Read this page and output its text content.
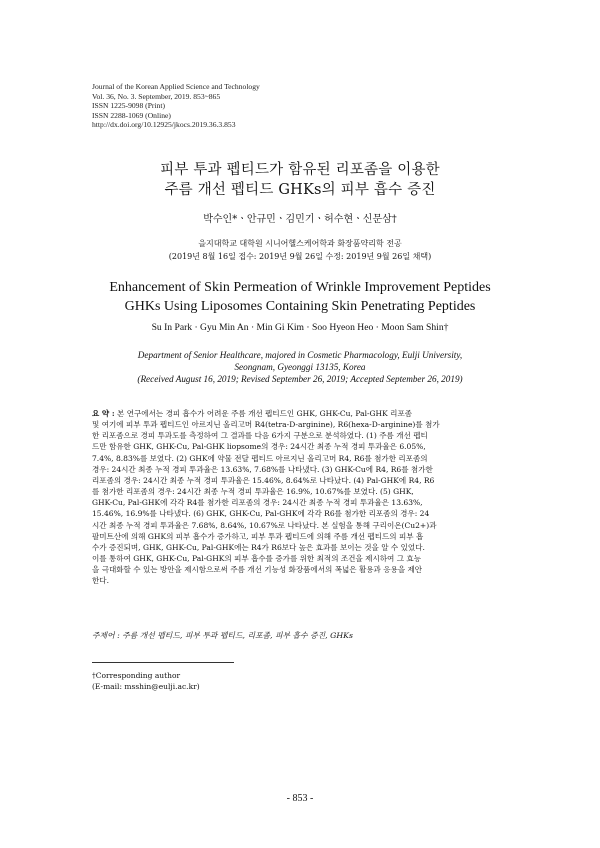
Journal of the Korean Applied Science and Technology
Vol. 36, No. 3. September, 2019. 853~865
ISSN 1225-9098 (Print)
ISSN 2288-1069 (Online)
http://dx.doi.org/10.12925/jkocs.2019.36.3.853
피부 투과 펩티드가 함유된 리포좀을 이용한
주름 개선 펩티드 GHKs의 피부 흡수 증진
박수인*ㆍ안규민ㆍ김민기ㆍ허수현ㆍ신문삼†
을지대학교 대학원 시니어헬스케어학과 화장품약리학 전공
(2019년 8월 16일 접수: 2019년 9월 26일 수정: 2019년 9월 26일 채택)
Enhancement of Skin Permeation of Wrinkle Improvement Peptides
GHKs Using Liposomes Containing Skin Penetrating Peptides
Su In Park · Gyu Min An · Min Gi Kim · Soo Hyeon Heo · Moon Sam Shin†
Department of Senior Healthcare, majored in Cosmetic Pharmacology, Eulji University,
Seongnam, Gyeonggi 13135, Korea
(Received August 16, 2019; Revised September 26, 2019; Accepted September 26, 2019)
요 약 : 본 연구에서는 경피 흡수가 어려운 주름 개선 펩티드인 GHK, GHK-Cu, Pal-GHK 리포좀
및 여기에 피부 투과 펩티드인 아르지닌 올리고머 R4(tetra-D-arginine), R6(hexa-D-arginine)를 첨가
한 리포좀으로 경피 투과도를 측정하여 그 결과를 다음 6가지 구분으로 분석하였다. (1) 주름 개선 펩티
드만 함유한 GHK, GHK-Cu, Pal-GHK liopsome의 경우: 24시간 최종 누적 경피 투과율은 6.05%,
7.4%, 8.83%를 보였다. (2) GHK에 약물 전달 펩티드 아르지닌 올리고머 R4, R6를 첨가한 리포좀의
경우: 24시간 최종 누적 경피 투과율은 13.63%, 7.68%를 나타냈다. (3) GHK-Cu에 R4, R6를 첨가한
리포좀의 경우: 24시간 최종 누적 경피 투과율은 15.46%, 8.64%로 나타났다. (4) Pal-GHK에 R4, R6
를 첨가한 리포좀의 경우: 24시간 최종 누적 경피 투과율은 16.9%, 10.67%를 보였다. (5) GHK,
GHK-Cu, Pal-GHK에 각각 R4를 첨가한 리포좀의 경우: 24시간 최종 누적 경피 투과율은 13.63%,
15.46%, 16.9%를 나타냈다. (6) GHK, GHK-Cu, Pal-GHK에 각각 R6를 첨가한 리포좀의 경우: 24
시간 최종 누적 경피 투과율은 7.68%, 8.64%, 10.67%로 나타났다. 본 실험을 통해 구리이온(Cu2+)과
팔미트산에 의해 GHK의 피부 흡수가 증가하고, 피부 투과 펩티드에 의해 주름 개선 펩티드의 피부 흡
수가 증진되며, GHK, GHK-Cu, Pal-GHK에는 R4가 R6보다 높은 효과를 보이는 것을 알 수 있었다.
이를 통하여 GHK, GHK-Cu, Pal-GHK의 피부 흡수를 증가를 위한 최적의 조건을 제시하여 그 효능
을 극대화할 수 있는 방안을 제시함으로써 주름 개선 기능성 화장품에서의 폭넓은 활용과 응용을 제안
한다.
주제어 : 주름 개선 펩티드, 피부 투과 펩티드, 리포좀, 피부 흡수 증진, GHKs
†Corresponding author
(E-mail: msshin@eulji.ac.kr)
- 853 -
